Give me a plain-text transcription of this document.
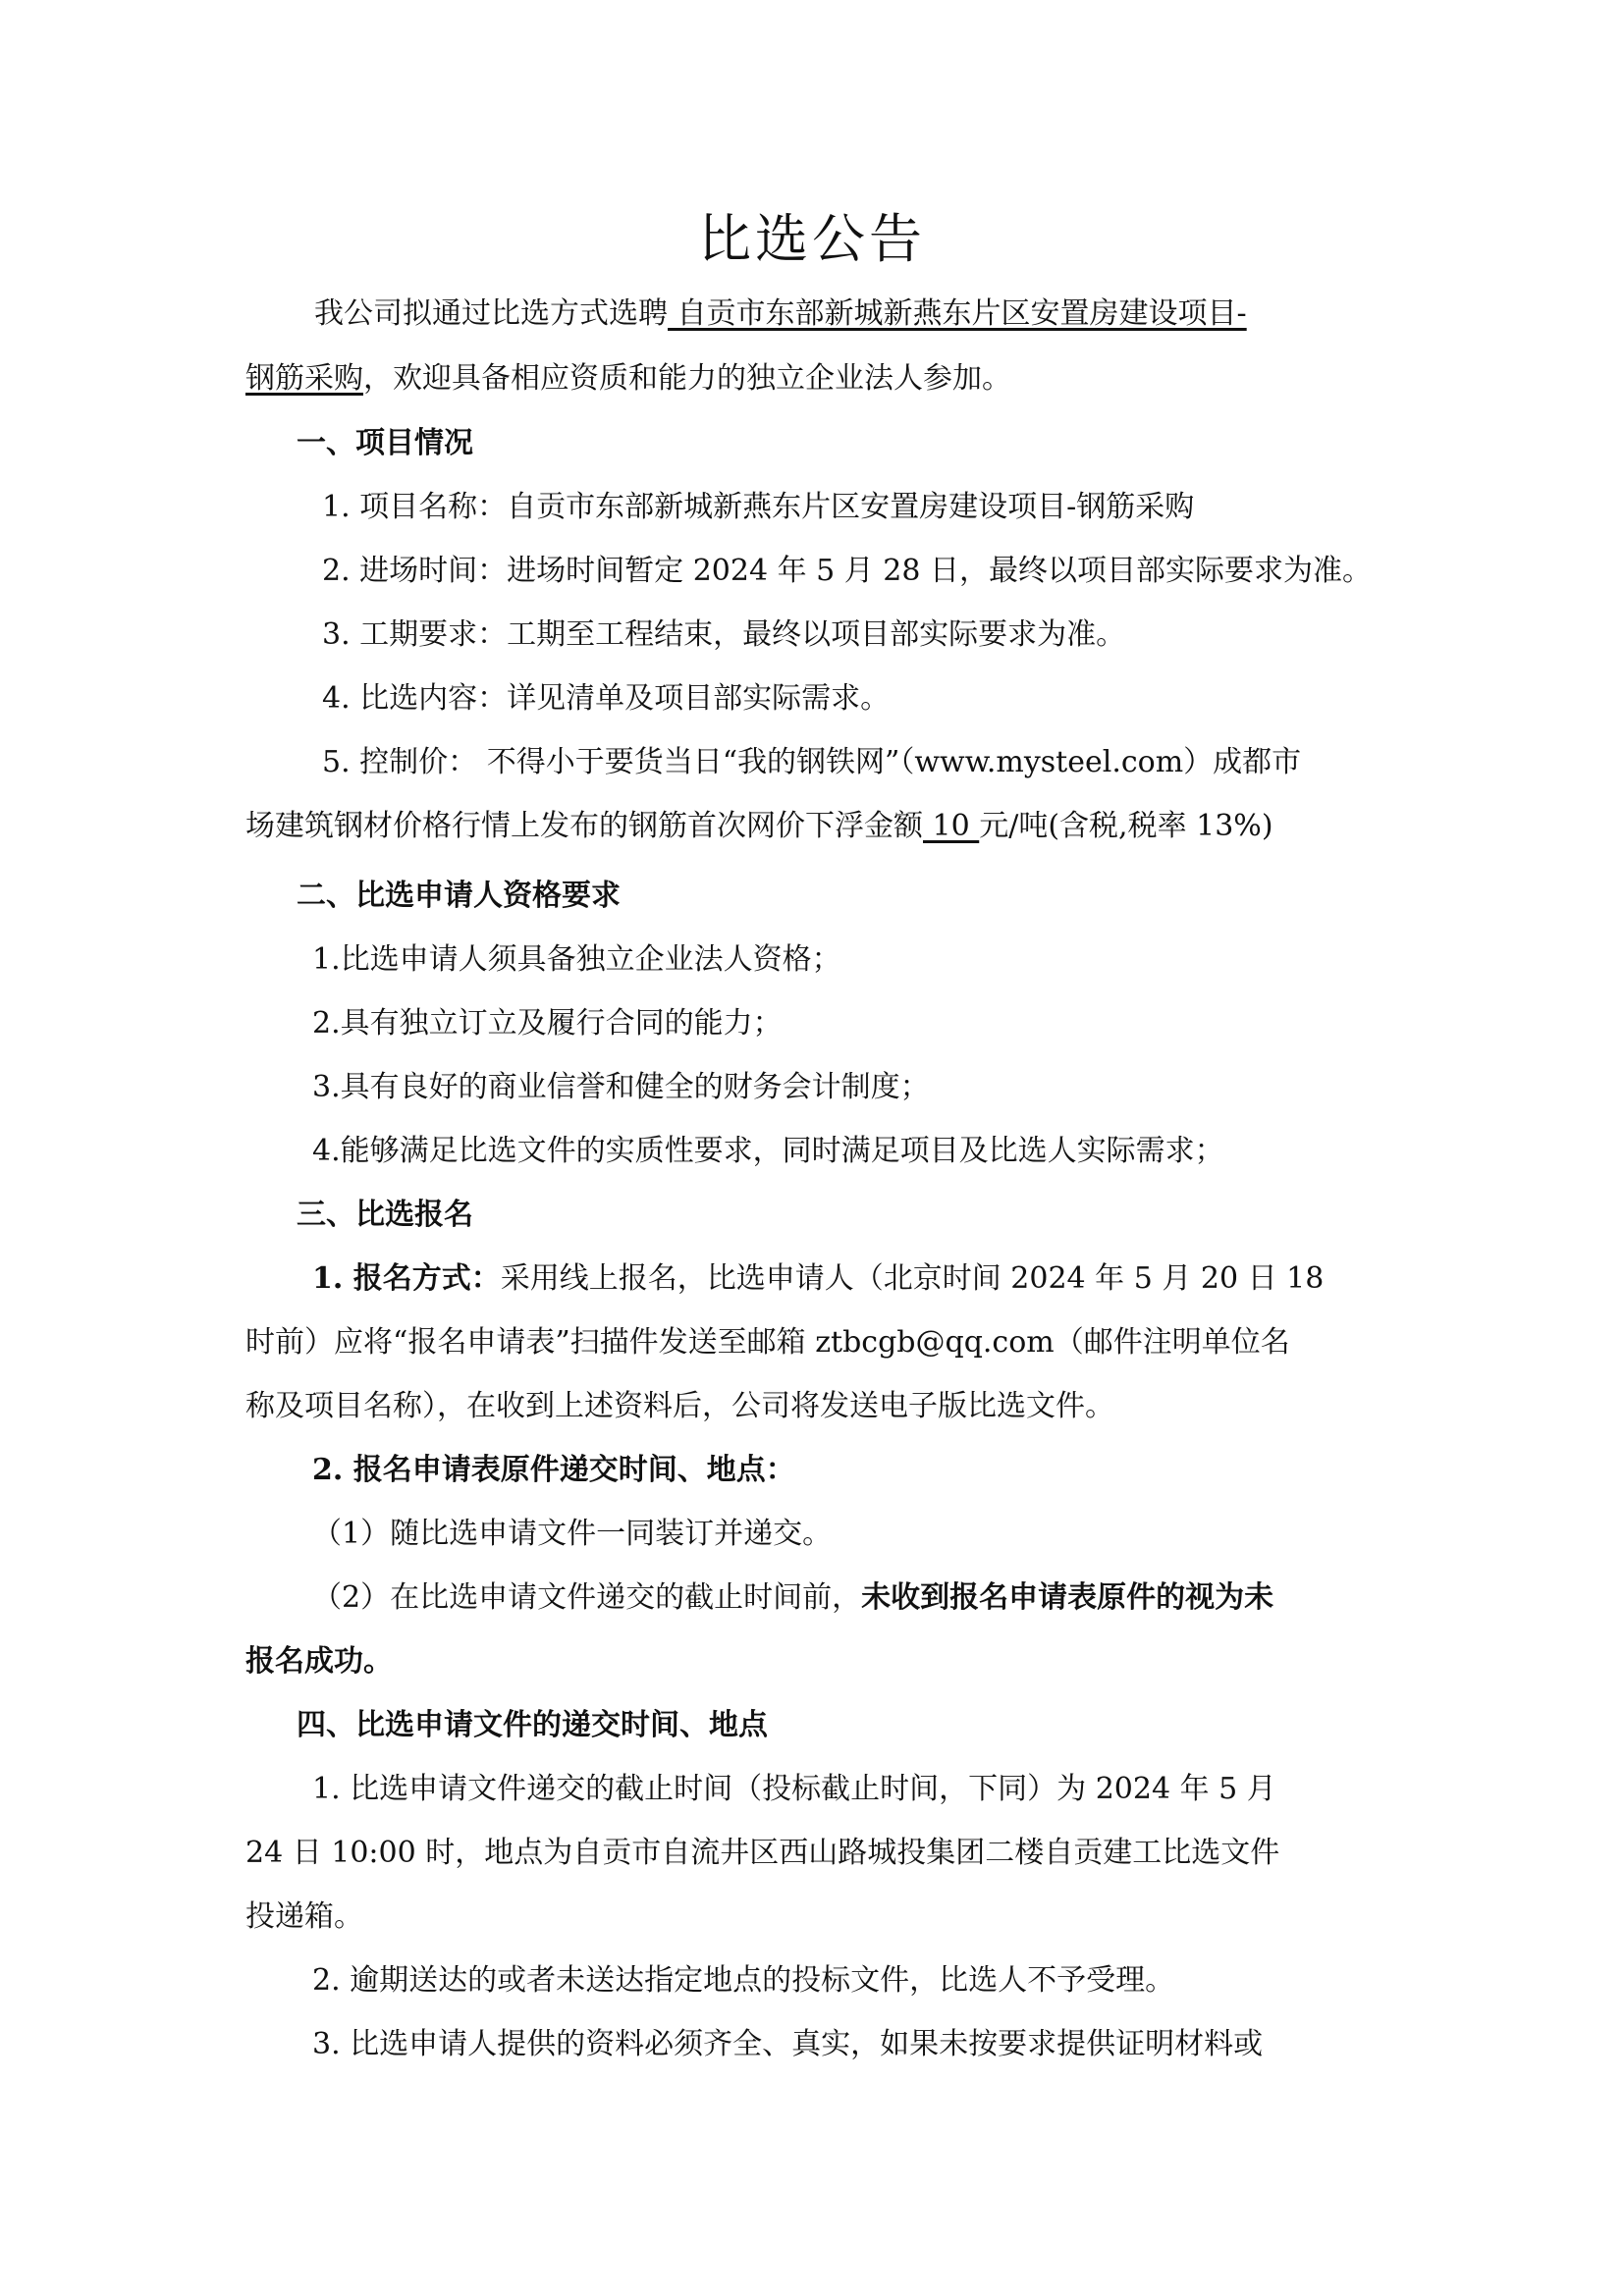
比选公告
我公司拟通过比选方式选聘 自贡市东部新城新燕东片区安置房建设项目-
钢筋采购，欢迎具备相应资质和能力的独立企业法人参加。
一、项目情况
1. 项目名称：自贡市东部新城新燕东片区安置房建设项目-钢筋采购
2. 进场时间：进场时间暂定 2024 年 5 月 28 日，最终以项目部实际要求为准。
3. 工期要求：工期至工程结束，最终以项目部实际要求为准。
4. 比选内容：详见清单及项目部实际需求。
5. 控制价： 不得小于要货当日“我的钢铁网”（www.mysteel.com）成都市
场建筑钢材价格行情上发布的钢筋首次网价下浮金额 10 元/吨(含税,税率 13%)
二、比选申请人资格要求
1.比选申请人须具备独立企业法人资格；
2.具有独立订立及履行合同的能力；
3.具有良好的商业信誉和健全的财务会计制度；
4.能够满足比选文件的实质性要求，同时满足项目及比选人实际需求；
三、比选报名
1. 报名方式：采用线上报名，比选申请人（北京时间 2024 年 5 月 20 日 18
时前）应将“报名申请表”扫描件发送至邮箱 ztbcgb@qq.com（邮件注明单位名
称及项目名称），在收到上述资料后，公司将发送电子版比选文件。
2. 报名申请表原件递交时间、地点：
（1）随比选申请文件一同装订并递交。
（2）在比选申请文件递交的截止时间前，未收到报名申请表原件的视为未
报名成功。
四、比选申请文件的递交时间、地点
1. 比选申请文件递交的截止时间（投标截止时间，下同）为 2024 年 5 月
24 日 10:00 时，地点为自贡市自流井区西山路城投集团二楼自贡建工比选文件
投递箱。
2. 逾期送达的或者未送达指定地点的投标文件，比选人不予受理。
3. 比选申请人提供的资料必须齐全、真实，如果未按要求提供证明材料或
